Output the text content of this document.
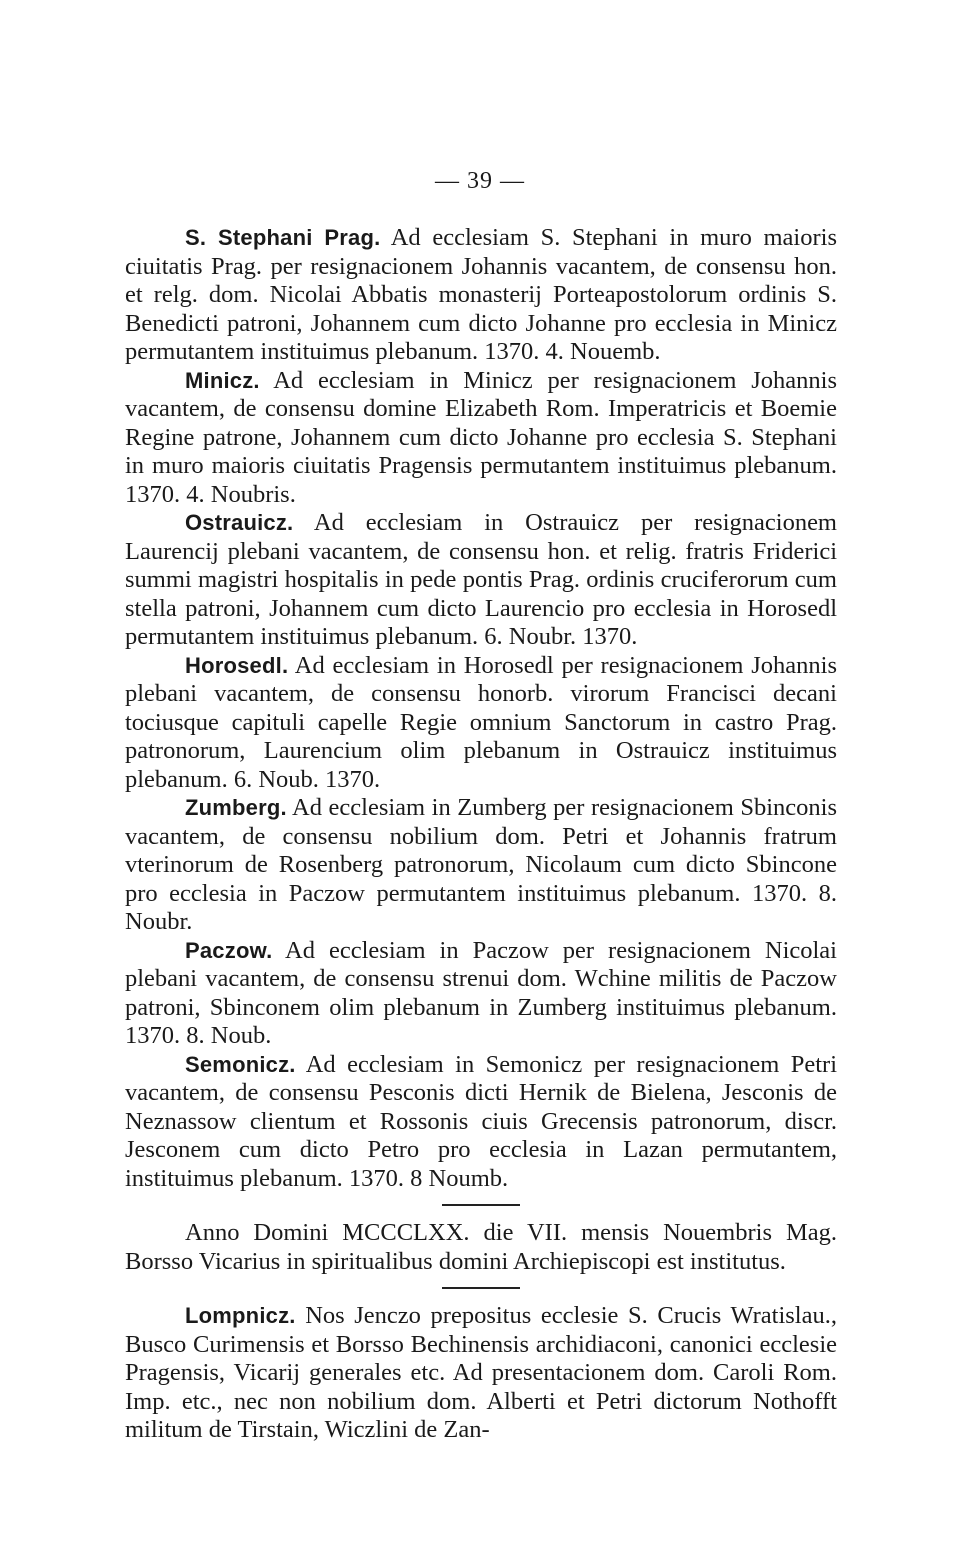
— 39 —

S. Stephani Prag. Ad ecclesiam S. Stephani in muro maioris ciuitatis Prag. per resignacionem Johannis vacantem, de consensu hon. et relg. dom. Nicolai Abbatis monasterij Porteapostolorum ordinis S. Benedicti patroni, Johannem cum dicto Johanne pro ecclesia in Minicz permutantem instituimus plebanum. 1370. 4. Nouemb.

Minicz. Ad ecclesiam in Minicz per resignacionem Johannis vacantem, de consensu domine Elizabeth Rom. Imperatricis et Boemie Regine patrone, Johannem cum dicto Johanne pro ecclesia S. Stephani in muro maioris ciuitatis Pragensis permutantem instituimus plebanum. 1370. 4. Noubris.

Ostrauicz. Ad ecclesiam in Ostrauicz per resignacionem Laurencij plebani vacantem, de consensu hon. et relig. fratris Friderici summi magistri hospitalis in pede pontis Prag. ordinis cruciferorum cum stella patroni, Johannem cum dicto Laurencio pro ecclesia in Horosedl permutantem instituimus plebanum. 6. Noubr. 1370.

Horosedl. Ad ecclesiam in Horosedl per resignacionem Johannis plebani vacantem, de consensu honorb. virorum Francisci decani tociusque capituli capelle Regie omnium Sanctorum in castro Prag. patronorum, Laurencium olim plebanum in Ostrauicz instituimus plebanum. 6. Noub. 1370.

Zumberg. Ad ecclesiam in Zumberg per resignacionem Sbinconis vacantem, de consensu nobilium dom. Petri et Johannis fratrum vterinorum de Rosenberg patronorum, Nicolaum cum dicto Sbincone pro ecclesia in Paczow permutantem instituimus plebanum. 1370. 8. Noubr.

Paczow. Ad ecclesiam in Paczow per resignacionem Nicolai plebani vacantem, de consensu strenui dom. Wchine militis de Paczow patroni, Sbinconem olim plebanum in Zumberg instituimus plebanum. 1370. 8. Noub.

Semonicz. Ad ecclesiam in Semonicz per resignacionem Petri vacantem, de consensu Pesconis dicti Hernik de Bielena, Jesconis de Neznassow clientum et Rossonis ciuis Grecensis patronorum, discr. Jesconem cum dicto Petro pro ecclesia in Lazan permutantem, instituimus plebanum. 1370. 8 Noumb.

Anno Domini MCCCLXX. die VII. mensis Nouembris Mag. Borsso Vicarius in spiritualibus domini Archiepiscopi est institutus.

Lompnicz. Nos Jenczo prepositus ecclesie S. Crucis Wratislau., Busco Curimensis et Borsso Bechinensis archidiaconi, canonici ecclesie Pragensis, Vicarij generales etc. Ad presentacionem dom. Caroli Rom. Imp. etc., nec non nobilium dom. Alberti et Petri dictorum Nothofft militum de Tirstain, Wiczlini de Zan-
